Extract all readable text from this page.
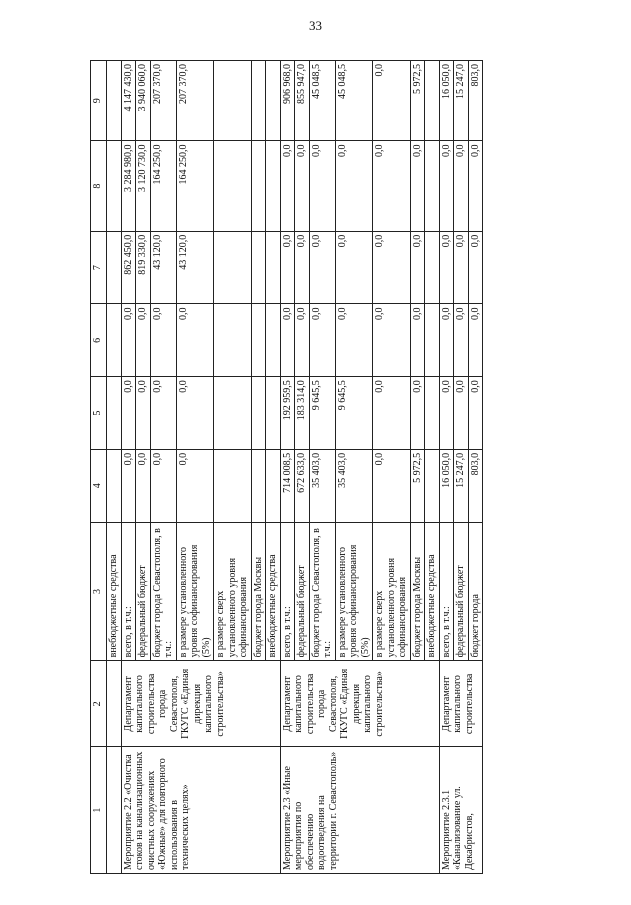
33
1	2	3	4	5	6	7	8	9
		внебюджетные средства						
Мероприятие 2.2 «Очистка стоков на канализационных очистных сооружениях «Южные» для повторного использования в технических целях»	Департамент капитального строительства города Севастополя, ГКУГС «Единая дирекция капитального строительства»	всего, в т.ч.:	0,0	0,0	0,0	862 450,0	3 284 980,0	4 147 430,0
		федеральный бюджет	0,0	0,0	0,0	819 330,0	3 120 730,0	3 940 060,0
		бюджет города Севастополя, в т.ч.:	0,0	0,0	0,0	43 120,0	164 250,0	207 370,0
		в размере установленного уровня софинансирования (5%)	0,0	0,0	0,0	43 120,0	164 250,0	207 370,0
		в размере сверх установленного уровня софинансирования						
		бюджет города Москвы						
		внебюджетные средства						
Мероприятие 2.3 «Иные мероприятия по обеспечению водоотведения на территории г. Севастополь»	Департамент капитального строительства города Севастополя, ГКУГС «Единая дирекция капитального строительства»	всего, в т.ч.:	714 008,5	192 959,5	0,0	0,0	0,0	906 968,0
		федеральный бюджет	672 633,0	183 314,0	0,0	0,0	0,0	855 947,0
		бюджет города Севастополя, в т.ч.:	35 403,0	9 645,5	0,0	0,0	0,0	45 048,5
		в размере установленного уровня софинансирования (5%)	35 403,0	9 645,5	0,0	0,0	0,0	45 048,5
		в размере сверх установленного уровня софинансирования	0,0	0,0	0,0	0,0	0,0	0,0
		бюджет города Москвы	5 972,5	0,0	0,0	0,0	0,0	5 972,5
		внебюджетные средства						
Мероприятие 2.3.1 «Канализование ул. Декабристов,	Департамент капитального строительства	всего, в т.ч.:	16 050,0	0,0	0,0	0,0	0,0	16 050,0
		федеральный бюджет	15 247,0	0,0	0,0	0,0	0,0	15 247,0
		бюджет города	803,0	0,0	0,0	0,0	0,0	803,0
